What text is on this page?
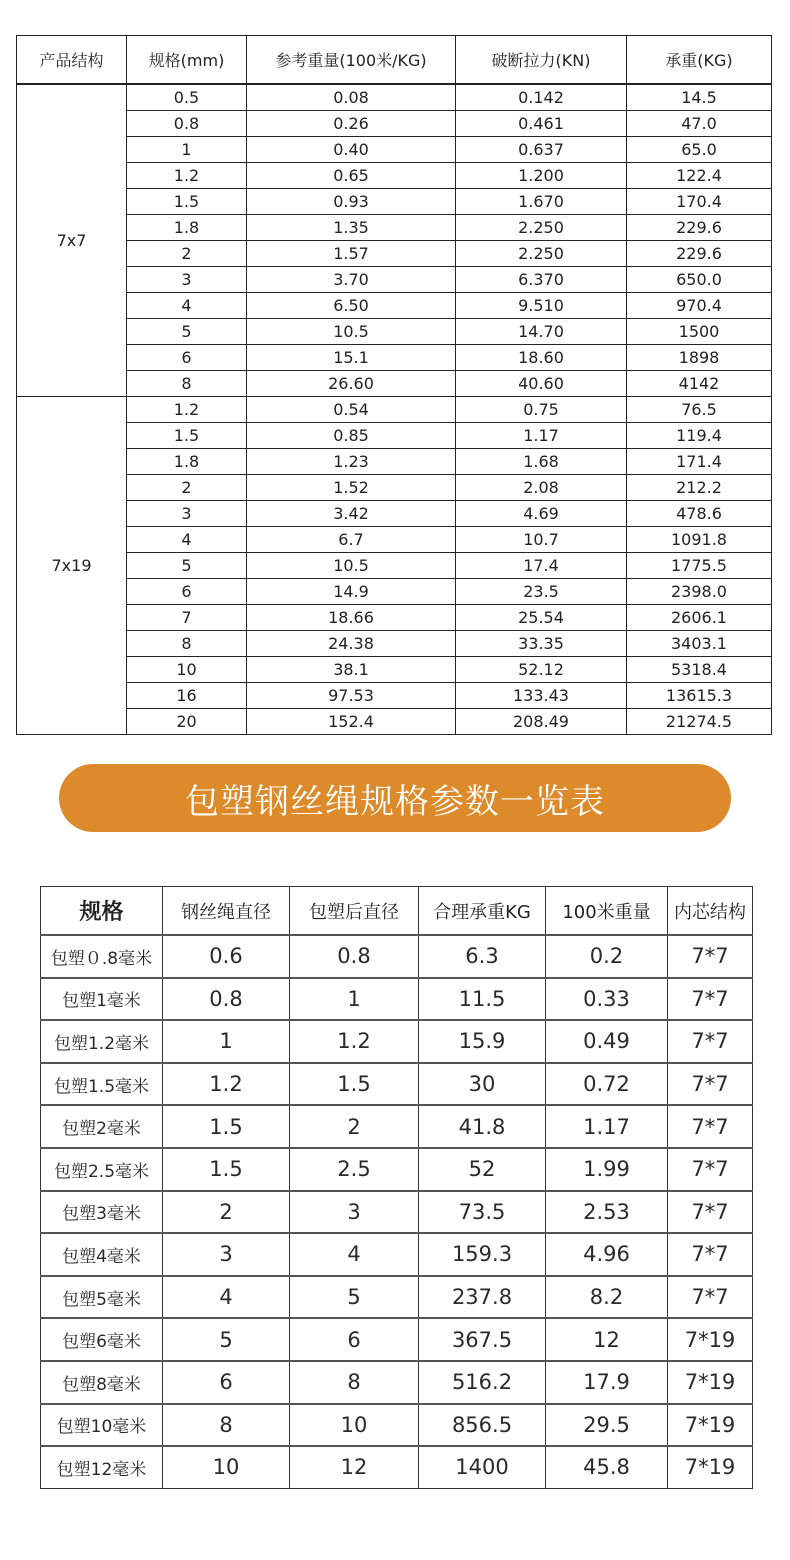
产品结构	规格(mm)	参考重量(100米/KG)	破断拉力(KN)	承重(KG)
7x7	0.5	0.08	0.142	14.5
	0.8	0.26	0.461	47.0
	1	0.40	0.637	65.0
	1.2	0.65	1.200	122.4
	1.5	0.93	1.670	170.4
	1.8	1.35	2.250	229.6
	2	1.57	2.250	229.6
	3	3.70	6.370	650.0
	4	6.50	9.510	970.4
	5	10.5	14.70	1500
	6	15.1	18.60	1898
	8	26.60	40.60	4142
7x19	1.2	0.54	0.75	76.5
	1.5	0.85	1.17	119.4
	1.8	1.23	1.68	171.4
	2	1.52	2.08	212.2
	3	3.42	4.69	478.6
	4	6.7	10.7	1091.8
	5	10.5	17.4	1775.5
	6	14.9	23.5	2398.0
	7	18.66	25.54	2606.1
	8	24.38	33.35	3403.1
	10	38.1	52.12	5318.4
	16	97.53	133.43	13615.3
	20	152.4	208.49	21274.5
包塑钢丝绳规格参数一览表
规格	钢丝绳直径	包塑后直径	合理承重KG	100米重量	内芯结构
包塑０.8毫米	0.6	0.8	6.3	0.2	7*7
包塑1毫米	0.8	1	11.5	0.33	7*7
包塑1.2毫米	1	1.2	15.9	0.49	7*7
包塑1.5毫米	1.2	1.5	30	0.72	7*7
包塑2毫米	1.5	2	41.8	1.17	7*7
包塑2.5毫米	1.5	2.5	52	1.99	7*7
包塑3毫米	2	3	73.5	2.53	7*7
包塑4毫米	3	4	159.3	4.96	7*7
包塑5毫米	4	5	237.8	8.2	7*7
包塑6毫米	5	6	367.5	12	7*19
包塑8毫米	6	8	516.2	17.9	7*19
包塑10毫米	8	10	856.5	29.5	7*19
包塑12毫米	10	12	1400	45.8	7*19
